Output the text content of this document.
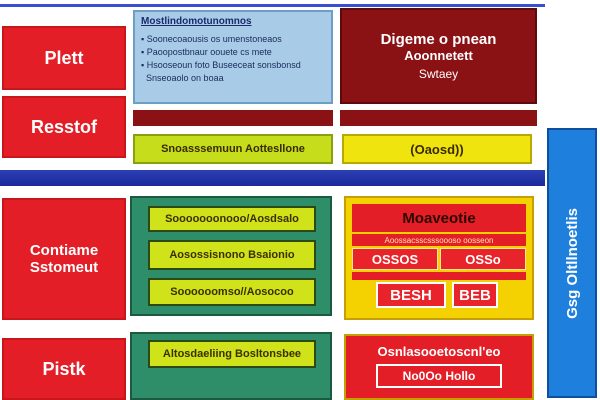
Plett
Resstof
Mostlindomotunomnos
▪ Soonecoaousis os umenstoneaos
▪ Paoopostbnaur oouete cs mete
▪ Hsooseoun foto Buseeceat sonsbonsd
Snseoaolo on boaa
Digeme o pnean
Aoonnetett
Swtaey
Snoasssemuun Aottesllone	(Oaosd))
Gsg Oltllnoetlis
Contiame
Sstomeut
Sooooooonooo/Aosdsalo
Aosossisnono Bsaionio
Soooooomso//Aosocoo
Moaveotie
Aoossacsscsssoooso oosseon
OSSOS	OSSo
BESH BEB
Pistk
Altosdaeliing Bosltonsbee	Osnlasooetoscnl'eo
No0Oo Hollo
